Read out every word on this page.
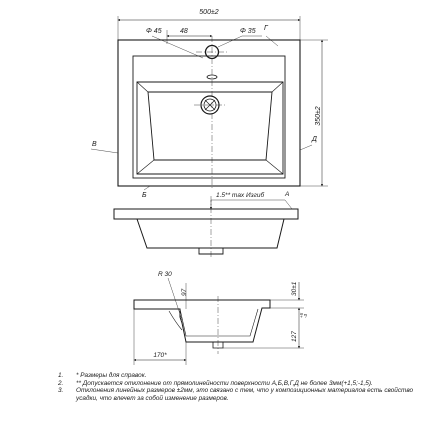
500±2
Φ 45	48	Φ 35 Г
350±2
В
Д
Б	1.5** max Изгиб	А
R 30
97	30±1
127
+5 -3
170*
1.	* Размеры для справок.
2.	** Допускается отклонение от прямолинейности поверхности А,Б,В,Г,Д не более 3мм(+1,5;-1,5).
3.	Отклонения линейных размеров ±2мм, это связано с тем, что у композиционных материалов есть свойство усадки, что влечет за собой изменение размеров.
